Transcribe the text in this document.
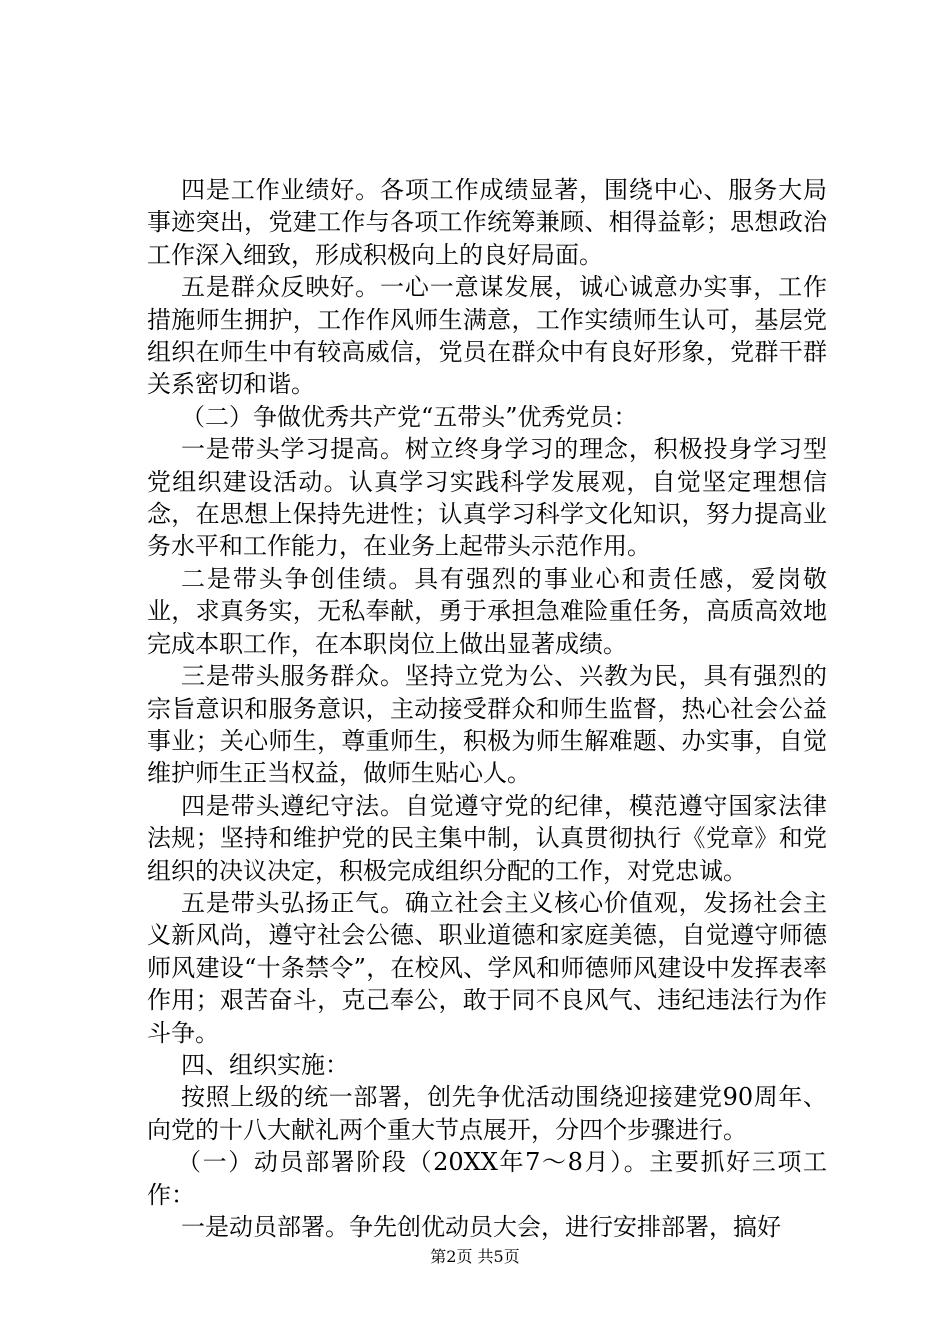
四是工作业绩好。各项工作成绩显著，围绕中心、服务大局事迹突出，党建工作与各项工作统筹兼顾、相得益彰；思想政治工作深入细致，形成积极向上的良好局面。

五是群众反映好。一心一意谋发展，诚心诚意办实事，工作措施师生拥护，工作作风师生满意，工作实绩师生认可，基层党组织在师生中有较高威信，党员在群众中有良好形象，党群干群关系密切和谐。

（二）争做优秀共产党“五带头”优秀党员：

一是带头学习提高。树立终身学习的理念，积极投身学习型党组织建设活动。认真学习实践科学发展观，自觉坚定理想信念，在思想上保持先进性；认真学习科学文化知识，努力提高业务水平和工作能力，在业务上起带头示范作用。

二是带头争创佳绩。具有强烈的事业心和责任感，爱岗敬业，求真务实，无私奉献，勇于承担急难险重任务，高质高效地完成本职工作，在本职岗位上做出显著成绩。

三是带头服务群众。坚持立党为公、兴教为民，具有强烈的宗旨意识和服务意识，主动接受群众和师生监督，热心社会公益事业；关心师生，尊重师生，积极为师生解难题、办实事，自觉维护师生正当权益，做师生贴心人。

四是带头遵纪守法。自觉遵守党的纪律，模范遵守国家法律法规；坚持和维护党的民主集中制，认真贯彻执行《党章》和党组织的决议决定，积极完成组织分配的工作，对党忠诚。

五是带头弘扬正气。确立社会主义核心价值观，发扬社会主义新风尚，遵守社会公德、职业道德和家庭美德，自觉遵守师德师风建设“十条禁令”，在校风、学风和师德师风建设中发挥表率作用；艰苦奋斗，克己奉公，敢于同不良风气、违纪违法行为作斗争。

四、组织实施：

按照上级的统一部署，创先争优活动围绕迎接建党90周年、向党的十八大献礼两个重大节点展开，分四个步骤进行。

（一）动员部署阶段（20XX年7～8月）。主要抓好三项工作：

一是动员部署。争先创优动员大会，进行安排部署，搞好

第2页 共5页
